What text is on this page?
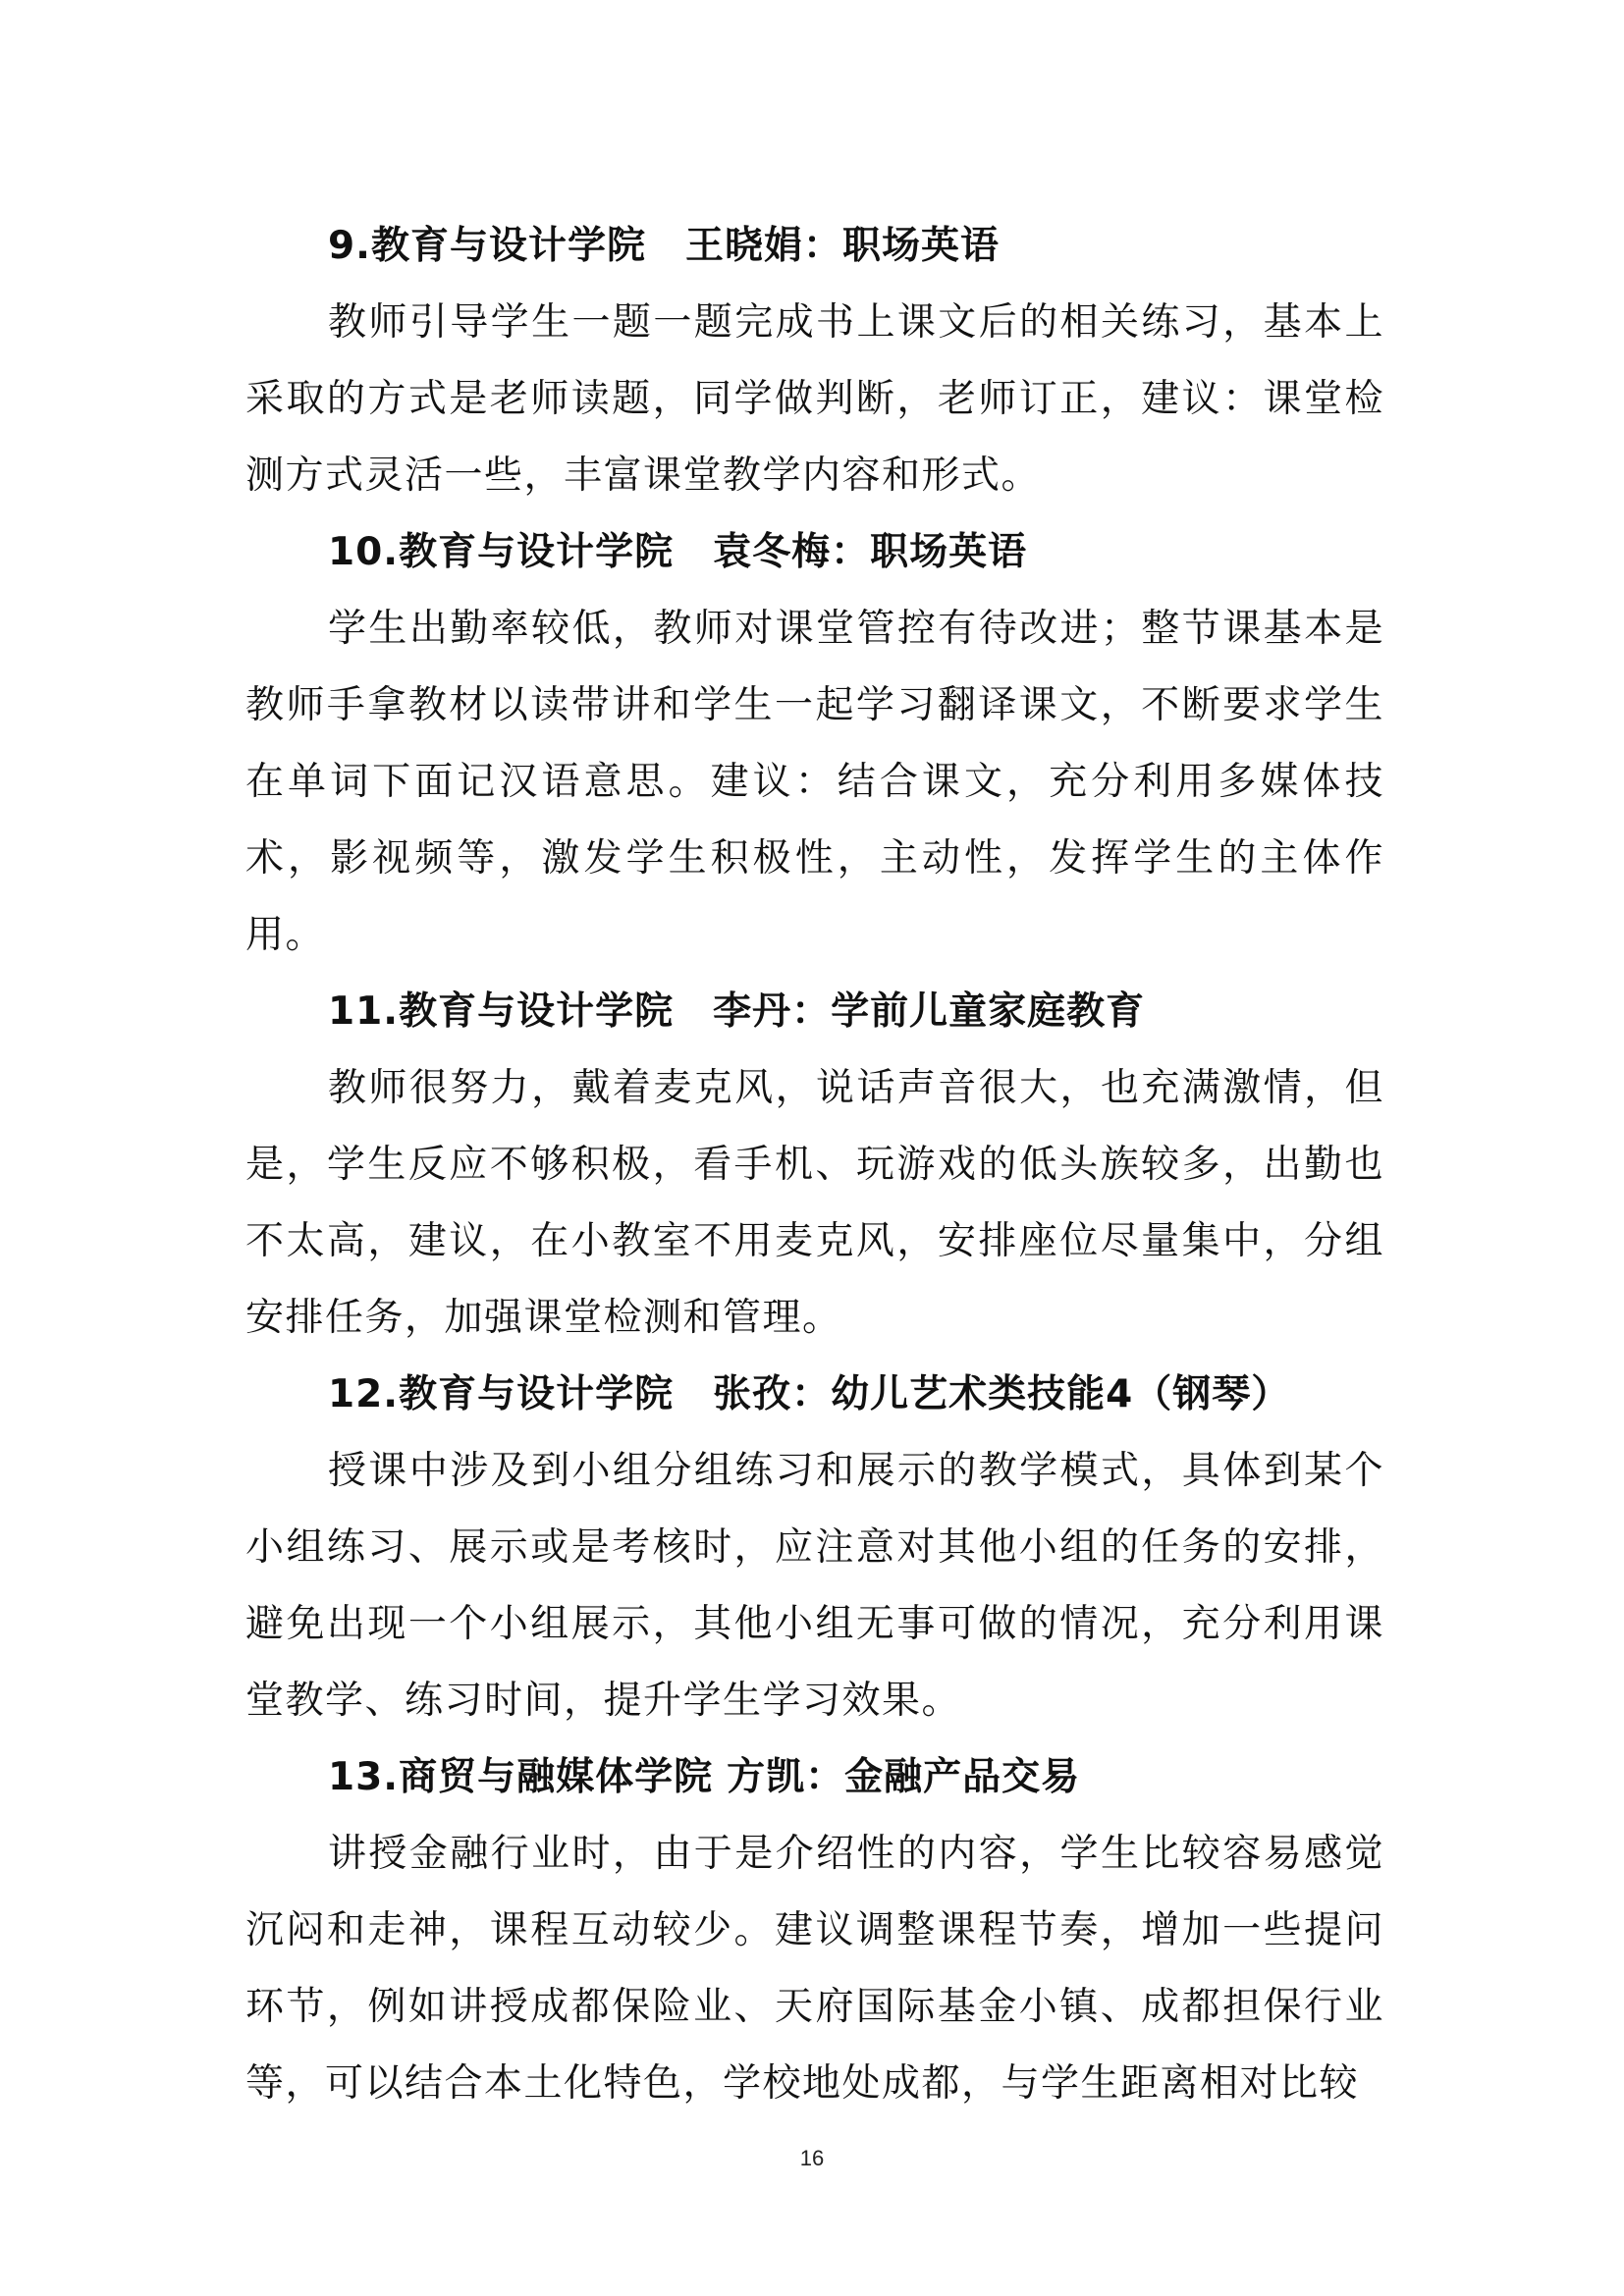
9.教育与设计学院 王晓娟：职场英语

教师引导学生一题一题完成书上课文后的相关练习，基本上采取的方式是老师读题，同学做判断，老师订正，建议：课堂检测方式灵活一些，丰富课堂教学内容和形式。

10.教育与设计学院 袁冬梅：职场英语

学生出勤率较低，教师对课堂管控有待改进；整节课基本是教师手拿教材以读带讲和学生一起学习翻译课文，不断要求学生在单词下面记汉语意思。建议：结合课文，充分利用多媒体技术，影视频等，激发学生积极性，主动性，发挥学生的主体作用。

11.教育与设计学院 李丹：学前儿童家庭教育

教师很努力，戴着麦克风，说话声音很大，也充满激情，但是，学生反应不够积极，看手机、玩游戏的低头族较多，出勤也不太高，建议，在小教室不用麦克风，安排座位尽量集中，分组安排任务，加强课堂检测和管理。

12.教育与设计学院 张孜：幼儿艺术类技能4（钢琴）

授课中涉及到小组分组练习和展示的教学模式，具体到某个小组练习、展示或是考核时，应注意对其他小组的任务的安排，避免出现一个小组展示，其他小组无事可做的情况，充分利用课堂教学、练习时间，提升学生学习效果。

13.商贸与融媒体学院 方凯：金融产品交易

讲授金融行业时，由于是介绍性的内容，学生比较容易感觉沉闷和走神，课程互动较少。建议调整课程节奏，增加一些提问环节，例如讲授成都保险业、天府国际基金小镇、成都担保行业等，可以结合本土化特色，学校地处成都，与学生距离相对比较

16
